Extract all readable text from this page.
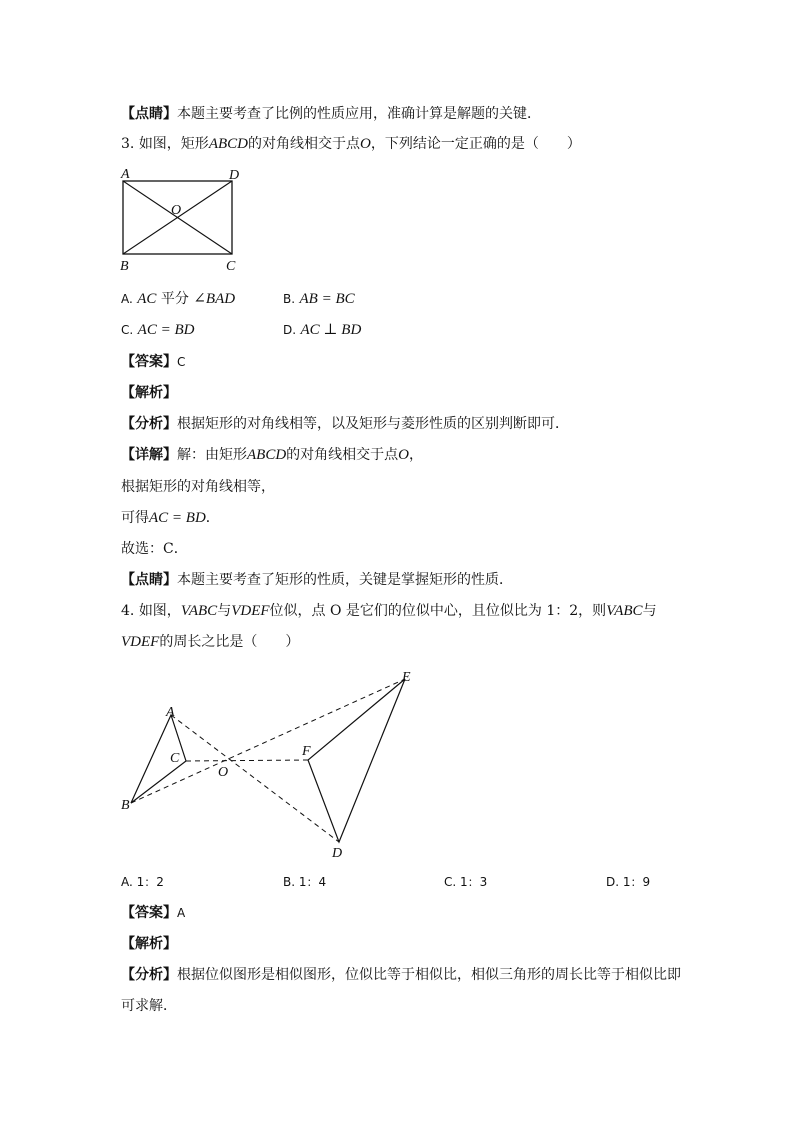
【点睛】本题主要考查了比例的性质应用，准确计算是解题的关键．
3. 如图，矩形ABCD的对角线相交于点O，下列结论一定正确的是（　　）
A	D
B	C
O
A. AC 平分 ∠BAD	B. AB = BC
C. AC = BD	D. AC ⊥ BD
【答案】C
【解析】
【分析】根据矩形的对角线相等，以及矩形与菱形性质的区别判断即可．
【详解】解：由矩形ABCD的对角线相交于点O，
根据矩形的对角线相等，
可得AC = BD．
故选：C．
【点睛】本题主要考查了矩形的性质，关键是掌握矩形的性质．
4. 如图，VABC与VDEF位似，点 O 是它们的位似中心，且位似比为 1：2，则VABC与
VDEF的周长之比是（　　）
A
B
C
O
F
E
D
A. 1：2	B. 1：4	C. 1：3	D. 1：9
【答案】A
【解析】
【分析】根据位似图形是相似图形，位似比等于相似比，相似三角形的周长比等于相似比即
可求解．
